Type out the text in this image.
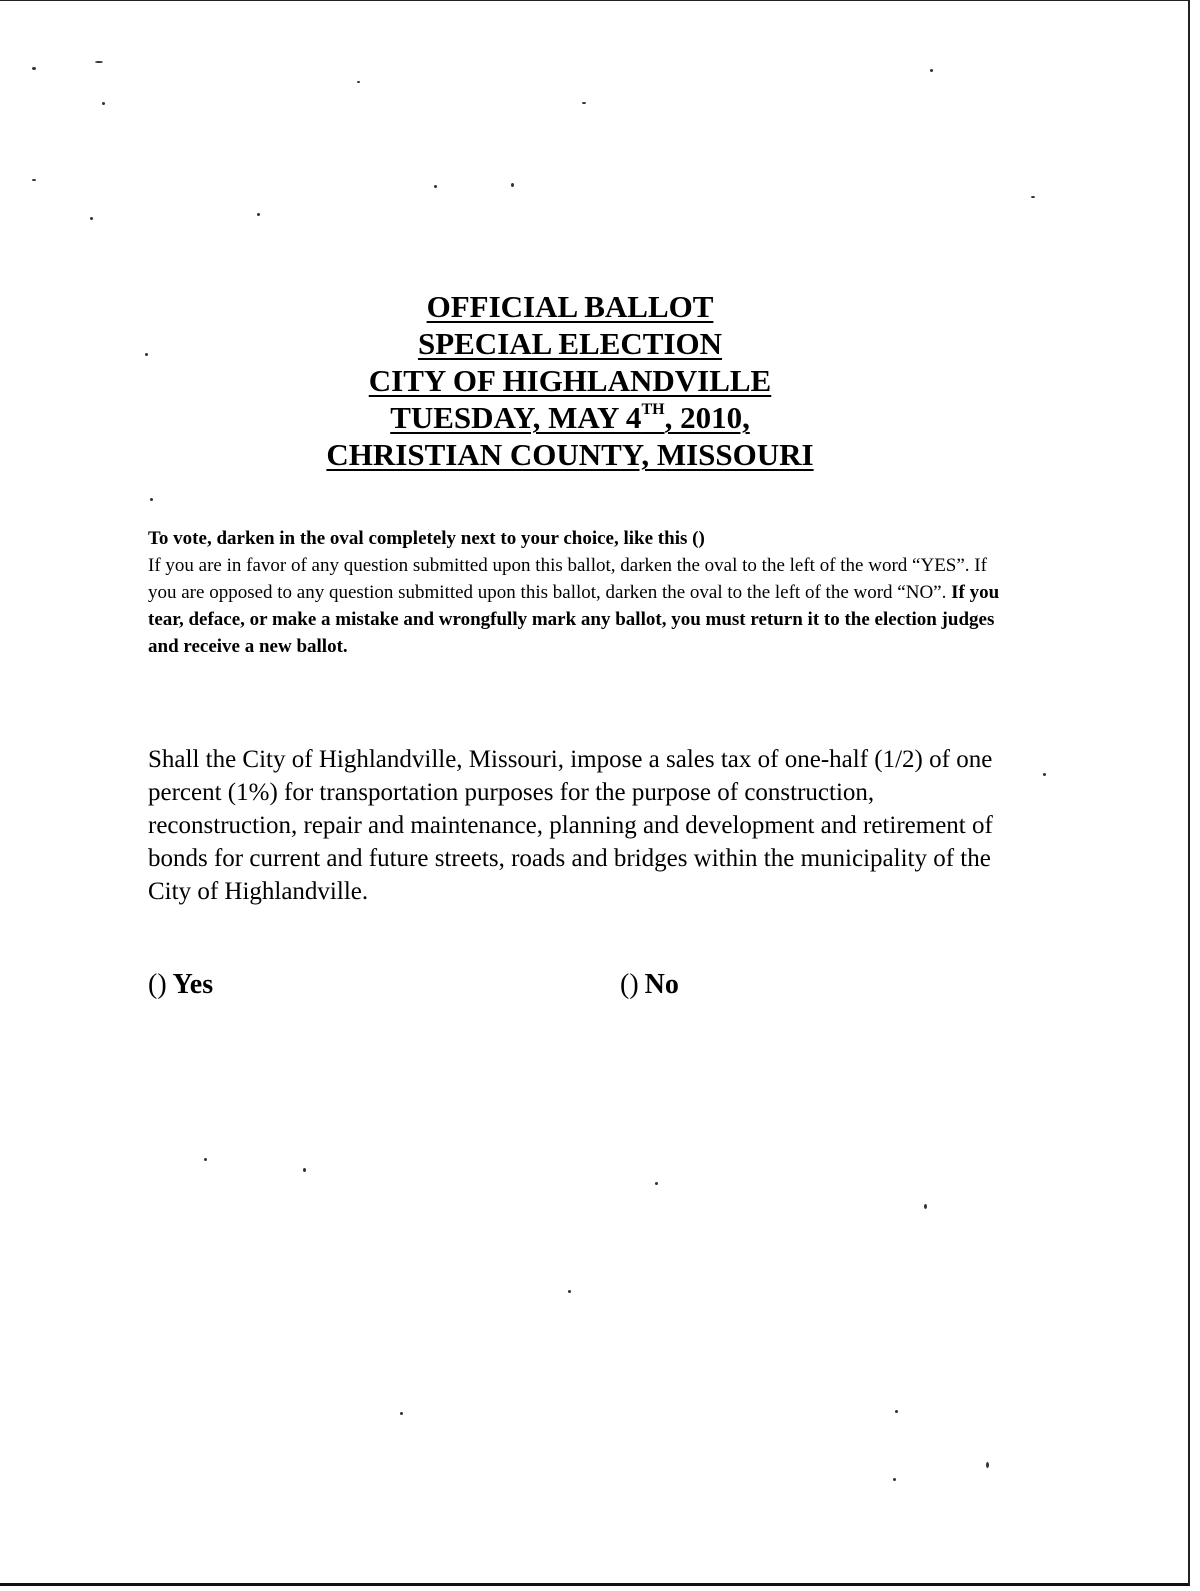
OFFICIAL BALLOT
SPECIAL ELECTION
CITY OF HIGHLANDVILLE
TUESDAY, MAY 4TH, 2010,
CHRISTIAN COUNTY, MISSOURI
To vote, darken in the oval completely next to your choice, like this ()
If you are in favor of any question submitted upon this ballot, darken the oval to the left of the word “YES”. If you are opposed to any question submitted upon this ballot, darken the oval to the left of the word “NO”. If you tear, deface, or make a mistake and wrongfully mark any ballot, you must return it to the election judges and receive a new ballot.
Shall the City of Highlandville, Missouri, impose a sales tax of one-half (1/2) of one percent (1%) for transportation purposes for the purpose of construction, reconstruction, repair and maintenance, planning and development and retirement of bonds for current and future streets, roads and bridges within the municipality of the City of Highlandville.
() Yes	() No
